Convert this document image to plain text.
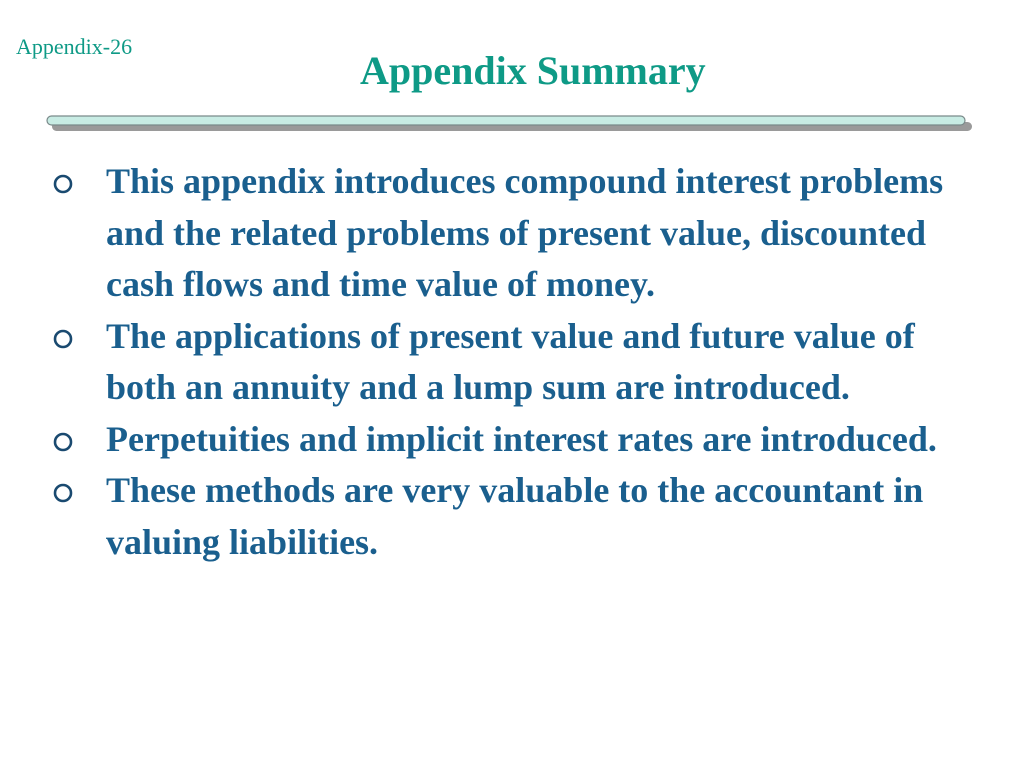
Appendix-26
Appendix Summary
This appendix introduces compound interest problems and the related problems of present value, discounted cash flows and time value of money.
The applications of present value and future value of both an annuity and a lump sum are introduced.
Perpetuities and implicit interest rates are introduced.
These methods are very valuable to the accountant in valuing liabilities.
